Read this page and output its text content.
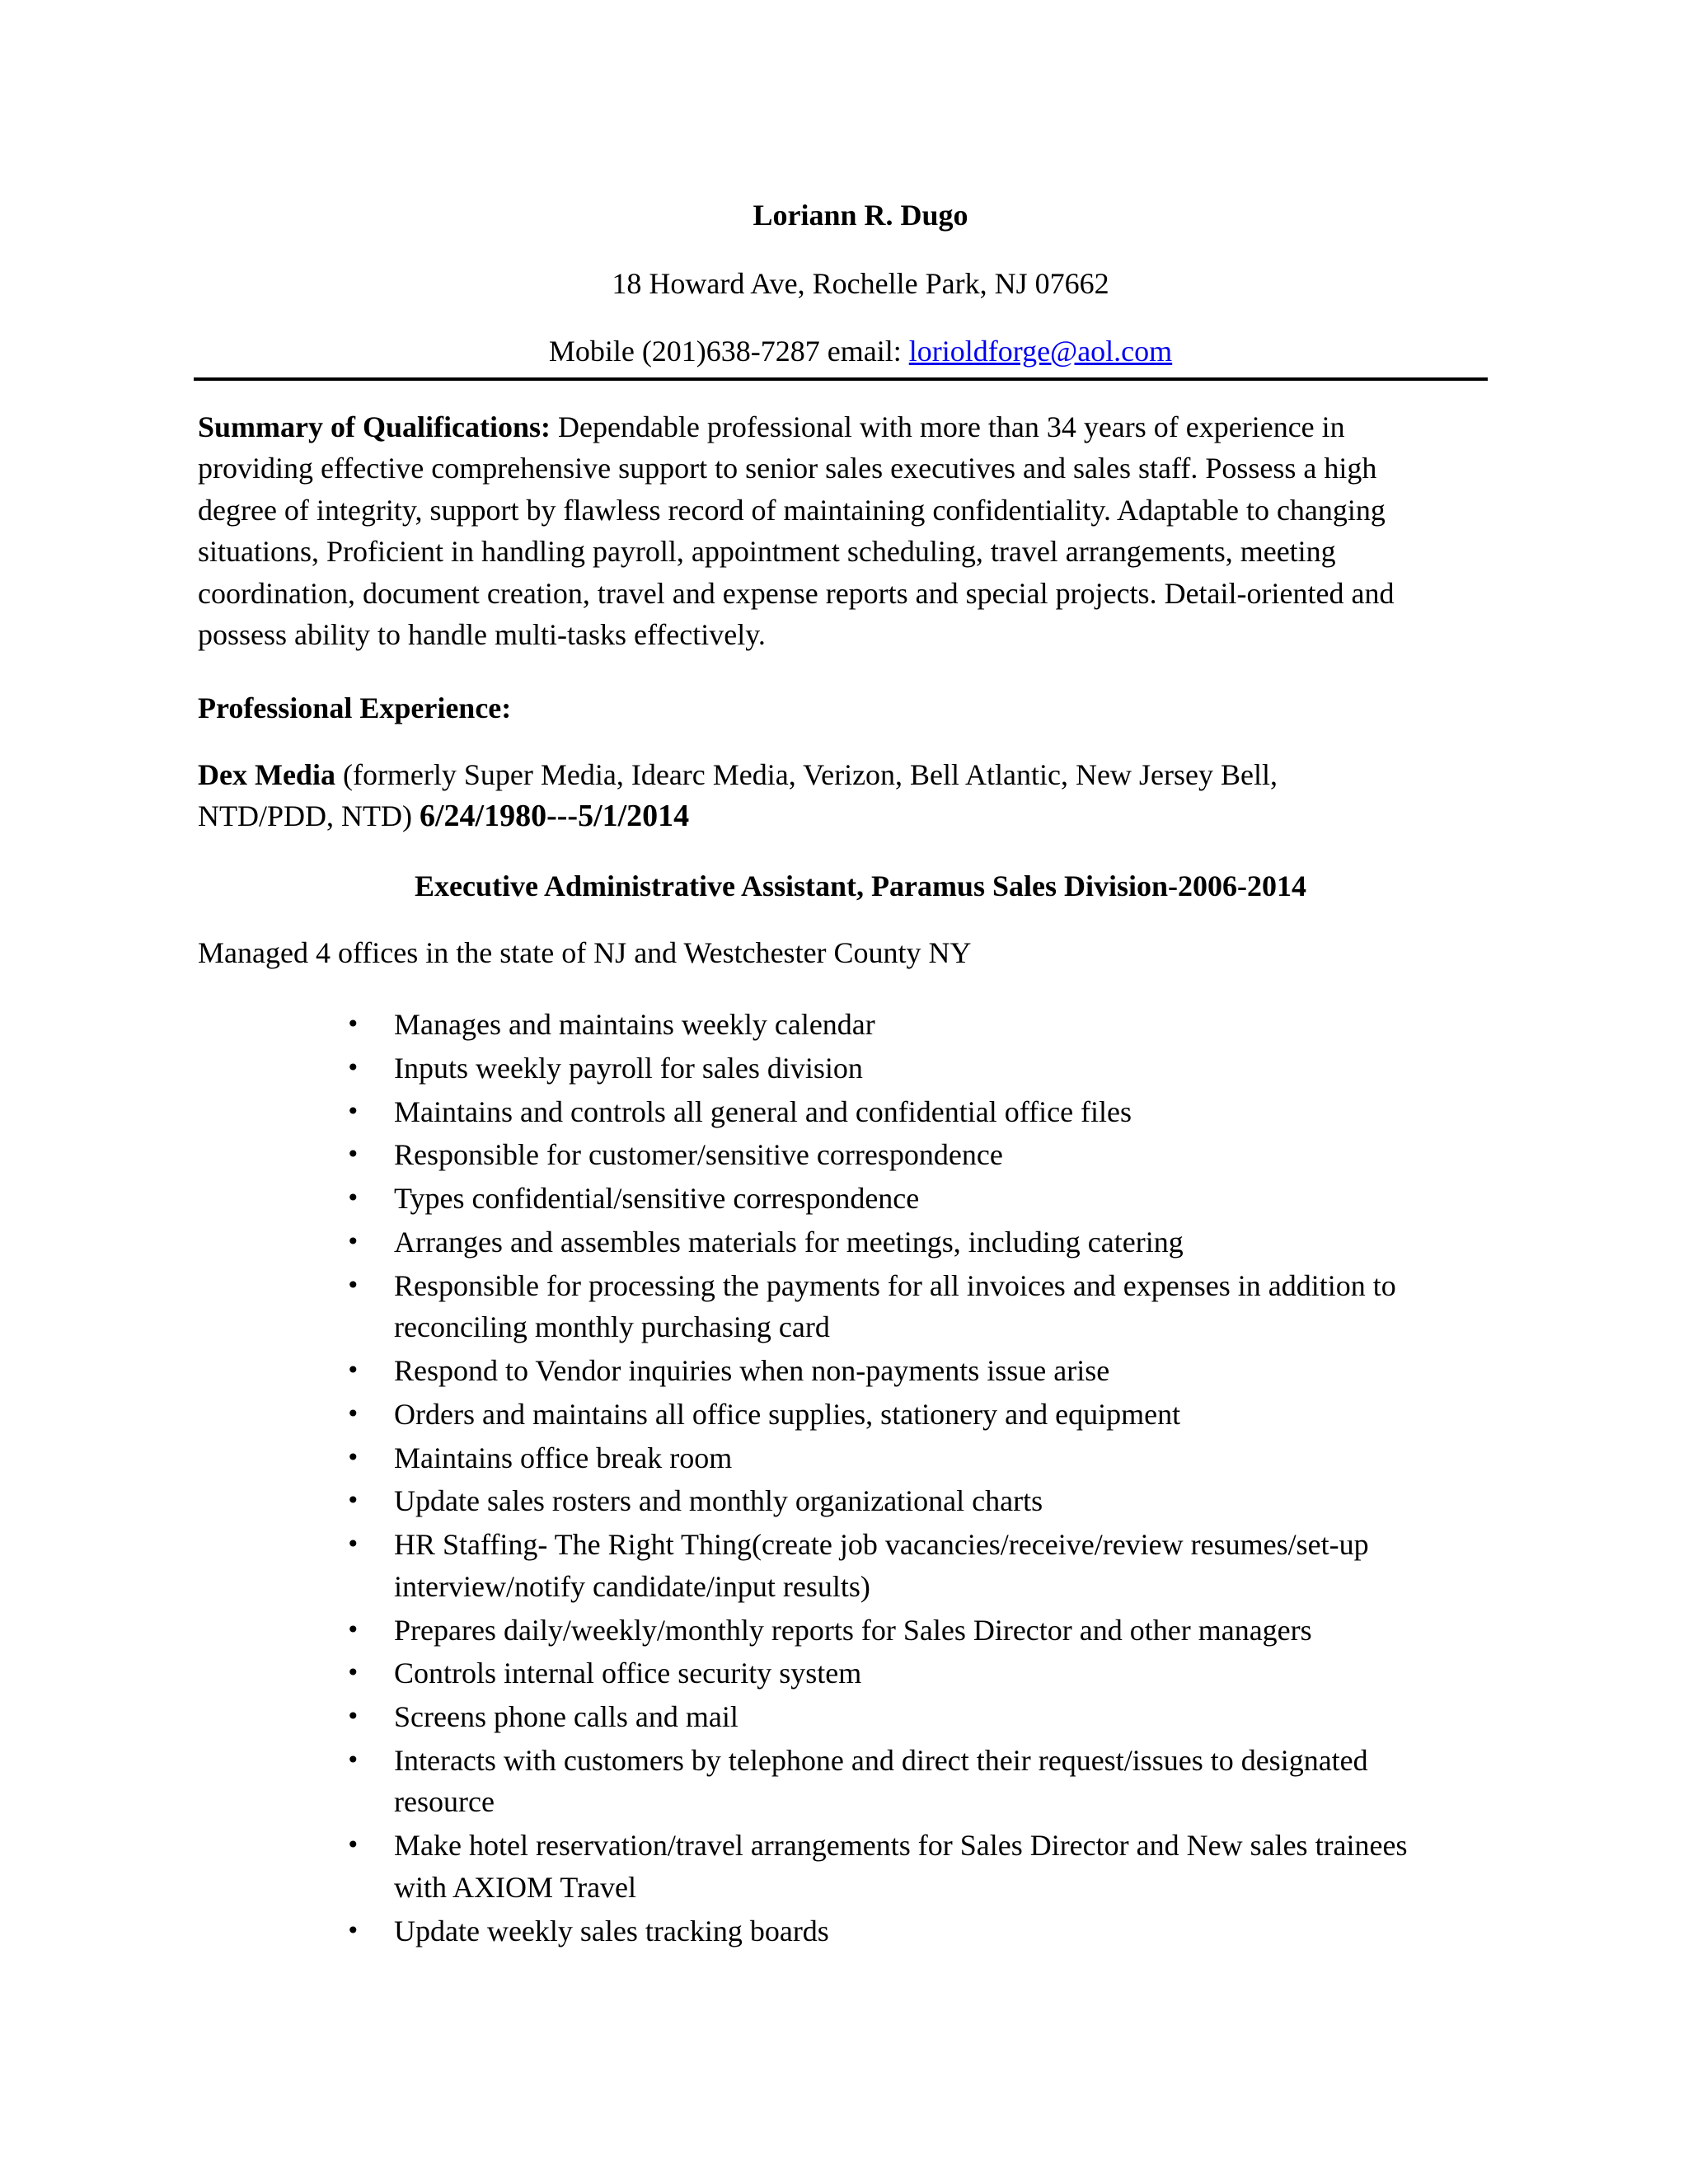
Loriann R. Dugo
18 Howard Ave, Rochelle Park, NJ 07662
Mobile (201)638-7287 email: lorioldforge@aol.com
Summary of Qualifications: Dependable professional with more than 34 years of experience in
providing effective comprehensive support to senior sales executives and sales staff. Possess a high
degree of integrity, support by flawless record of maintaining confidentiality. Adaptable to changing
situations, Proficient in handling payroll, appointment scheduling, travel arrangements, meeting
coordination, document creation, travel and expense reports and special projects. Detail-oriented and
possess ability to handle multi-tasks effectively.
Professional Experience:
Dex Media (formerly Super Media, Idearc Media, Verizon, Bell Atlantic, New Jersey Bell,
NTD/PDD, NTD) 6/24/1980---5/1/2014
Executive Administrative Assistant, Paramus Sales Division-2006-2014
Managed 4 offices in the state of NJ and Westchester County NY
•	Manages and maintains weekly calendar
•	Inputs weekly payroll for sales division
•	Maintains and controls all general and confidential office files
•	Responsible for customer/sensitive correspondence
•	Types confidential/sensitive correspondence
•	Arranges and assembles materials for meetings, including catering
•	Responsible for processing the payments for all invoices and expenses in addition to
reconciling monthly purchasing card
•	Respond to Vendor inquiries when non-payments issue arise
•	Orders and maintains all office supplies, stationery and equipment
•	Maintains office break room
•	Update sales rosters and monthly organizational charts
•	HR Staffing- The Right Thing(create job vacancies/receive/review resumes/set-up
interview/notify candidate/input results)
•	Prepares daily/weekly/monthly reports for Sales Director and other managers
•	Controls internal office security system
•	Screens phone calls and mail
•	Interacts with customers by telephone and direct their request/issues to designated
resource
•	Make hotel reservation/travel arrangements for Sales Director and New sales trainees
with AXIOM Travel
•	Update weekly sales tracking boards
